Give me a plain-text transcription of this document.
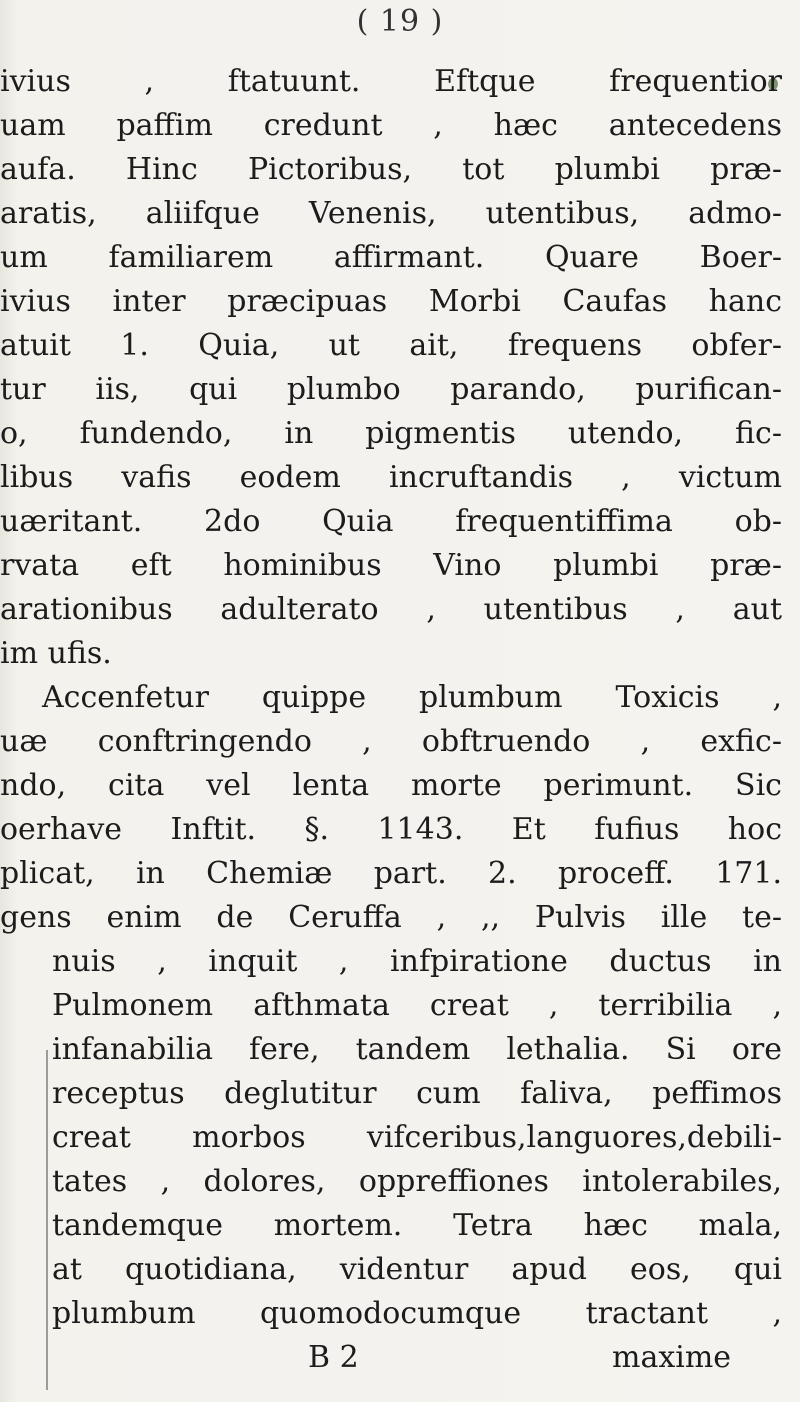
( 19 )
ivius , ftatuunt. Eftque frequentior
uam paffim credunt , hæc antecedens
aufa. Hinc Pictoribus, tot plumbi præ-
aratis, aliifque Venenis, utentibus, admo-
um familiarem affirmant. Quare Boer-
ivius inter præcipuas Morbi Caufas hanc
atuit 1. Quia, ut ait, frequens obfer-
tur iis, qui plumbo parando, purifican-
o, fundendo, in pigmentis utendo, fic-
libus vafis eodem incruftandis , victum
uæritant. 2do Quia frequentiffima ob-
rvata eft hominibus Vino plumbi præ-
arationibus adulterato , utentibus , aut
im ufis.
Accenfetur quippe plumbum Toxicis ,
uæ conftringendo , obftruendo , exfic-
ndo, cita vel lenta morte perimunt. Sic
oerhave Inftit. §. 1143. Et fufius hoc
plicat, in Chemiæ part. 2. proceff. 171.
gens enim de Ceruffa , ,, Pulvis ille te-
nuis , inquit , infpiratione ductus in
Pulmonem afthmata creat , terribilia ,
infanabilia fere, tandem lethalia. Si ore
receptus deglutitur cum faliva, peffimos
creat morbos vifceribus,languores,debili-
tates , dolores, oppreffiones intolerabiles,
tandemque mortem. Tetra hæc mala,
at quotidiana, videntur apud eos, qui
plumbum quomodocumque tractant ,
B 2	maxime
